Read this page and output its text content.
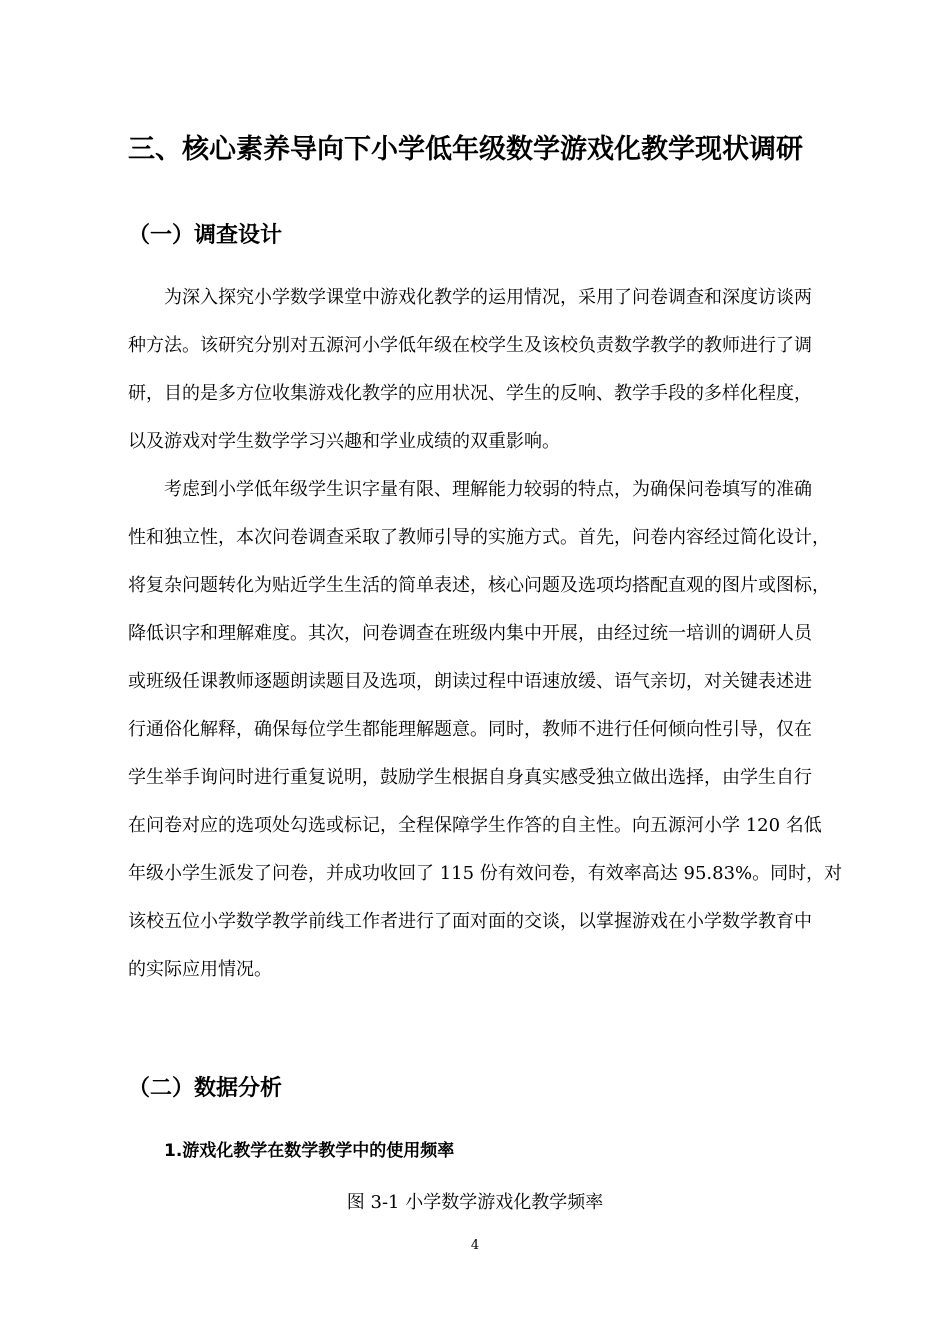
三、核心素养导向下小学低年级数学游戏化教学现状调研
（一）调查设计
为深入探究小学数学课堂中游戏化教学的运用情况，采用了问卷调查和深度访谈两
种方法。该研究分别对五源河小学低年级在校学生及该校负责数学教学的教师进行了调
研，目的是多方位收集游戏化教学的应用状况、学生的反响、教学手段的多样化程度，
以及游戏对学生数学学习兴趣和学业成绩的双重影响。
考虑到小学低年级学生识字量有限、理解能力较弱的特点，为确保问卷填写的准确
性和独立性，本次问卷调查采取了教师引导的实施方式。首先，问卷内容经过简化设计，
将复杂问题转化为贴近学生生活的简单表述，核心问题及选项均搭配直观的图片或图标，
降低识字和理解难度。其次，问卷调查在班级内集中开展，由经过统一培训的调研人员
或班级任课教师逐题朗读题目及选项，朗读过程中语速放缓、语气亲切，对关键表述进
行通俗化解释，确保每位学生都能理解题意。同时，教师不进行任何倾向性引导，仅在
学生举手询问时进行重复说明，鼓励学生根据自身真实感受独立做出选择，由学生自行
在问卷对应的选项处勾选或标记，全程保障学生作答的自主性。向五源河小学 120 名低
年级小学生派发了问卷，并成功收回了 115 份有效问卷，有效率高达 95.83%。同时，对
该校五位小学数学教学前线工作者进行了面对面的交谈，以掌握游戏在小学数学教育中
的实际应用情况。
（二）数据分析
1.游戏化教学在数学教学中的使用频率
图 3-1 小学数学游戏化教学频率
4
